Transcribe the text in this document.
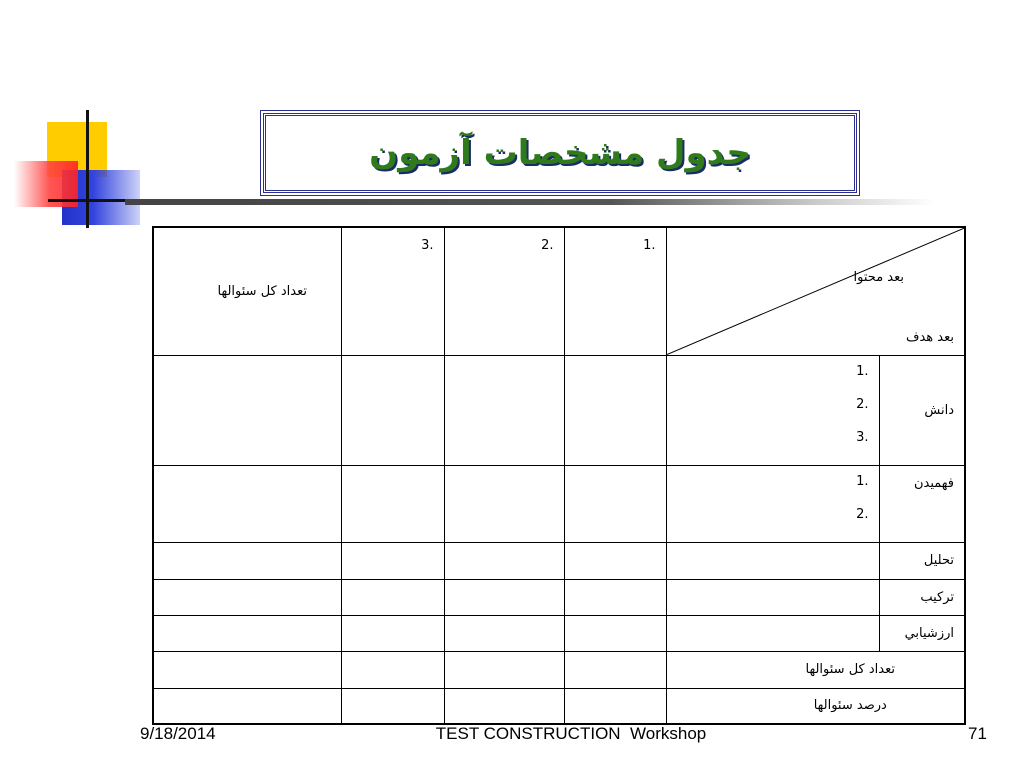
جدول مشخصات آزمون
تعداد کل سئوالها	3.	2.	1.	بعد محتوا
بعد هدف	

				1.
2.
3.	دانش

				1.
2.	فهميدن
					تحليل
					تركيب
					ارزشيابي
				تعداد کل سئوالها	
				درصد سئوالها	
9/18/2014	TEST CONSTRUCTION  Workshop	71
